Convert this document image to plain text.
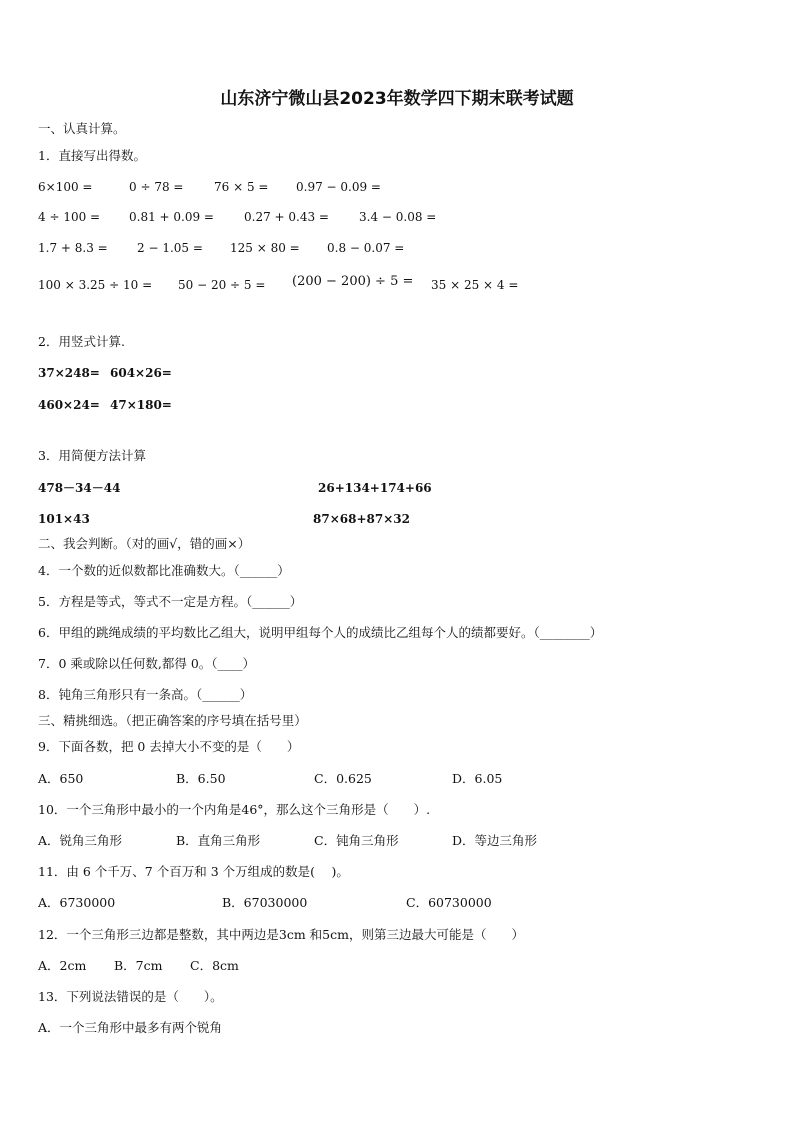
山东济宁微山县2023年数学四下期末联考试题
一、认真计算。
1．直接写出得数。
6×100 =	0 ÷ 78 =	76 × 5 = 0.97 − 0.09 =
4 ÷ 100 = 0.81 + 0.09 =	0.27 + 0.43 =	3.4 − 0.08 =
1.7 + 8.3 = 2 − 1.05 = 125 × 80 = 0.8 − 0.07 =
100 × 3.25 ÷ 10 = 50 − 20 ÷ 5 = (200 − 200) ÷ 5 = 35 × 25 × 4 =
2．用竖式计算.
37×248= 604×26=
460×24= 47×180=
3．用简便方法计算
478－34－44	26+134+174+66
101×43	87×68+87×32
二、我会判断。（对的画√，错的画×）
4．一个数的近似数都比准确数大。（______）
5．方程是等式，等式不一定是方程。（______）
6．甲组的跳绳成绩的平均数比乙组大，说明甲组每个人的成绩比乙组每个人的绩都要好。（________）
7．0 乘或除以任何数,都得 0。（____）
8．钝角三角形只有一条高。（______）
三、精挑细选。（把正确答案的序号填在括号里）
9．下面各数，把 0 去掉大小不变的是（　　）
A．650	B．6.50	C．0.625	D．6.05
10．一个三角形中最小的一个内角是46°，那么这个三角形是（　　）.
A．锐角三角形	B．直角三角形	C．钝角三角形	D．等边三角形
11．由 6 个千万、7 个百万和 3 个万组成的数是(　 )。
A．6730000	B．67030000	C．60730000
12．一个三角形三边都是整数，其中两边是3cm 和5cm，则第三边最大可能是（　　）
A．2cm B．7cm C．8cm
13．下列说法错误的是（　　）。
A．一个三角形中最多有两个锐角
